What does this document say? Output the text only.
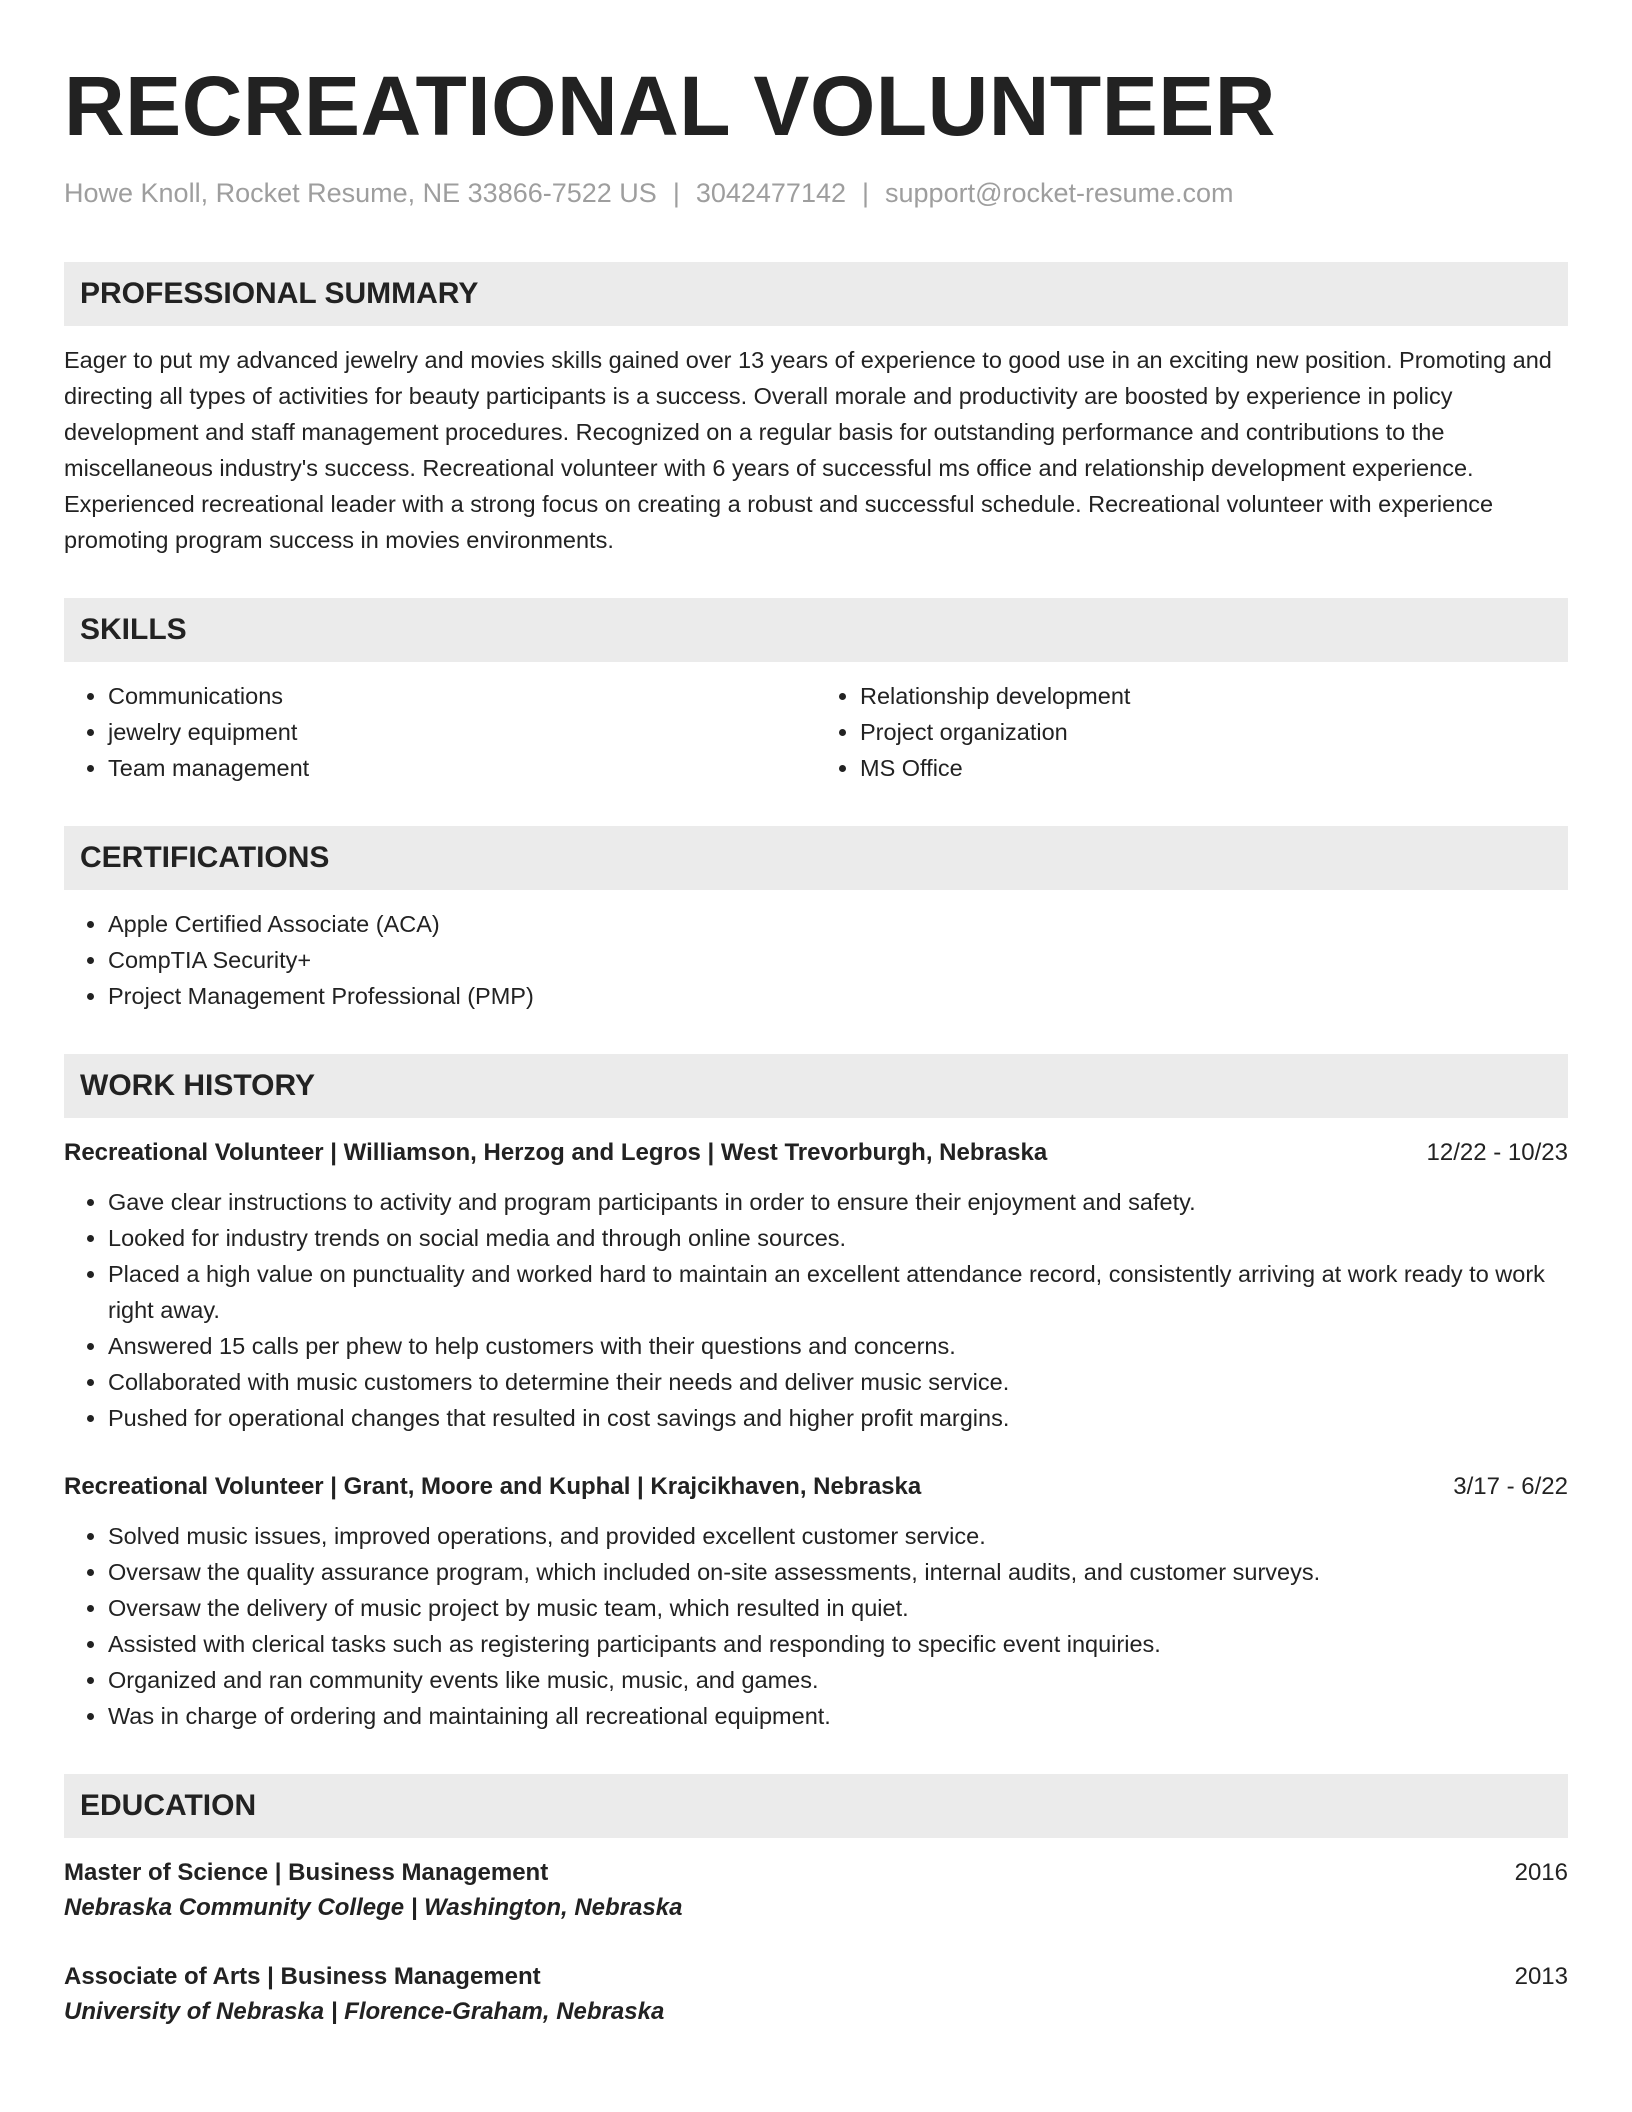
RECREATIONAL VOLUNTEER
Howe Knoll, Rocket Resume, NE 33866-7522 US | 3042477142 | support@rocket-resume.com
PROFESSIONAL SUMMARY

Eager to put my advanced jewelry and movies skills gained over 13 years of experience to good use in an exciting new position. Promoting and directing all types of activities for beauty participants is a success. Overall morale and productivity are boosted by experience in policy development and staff management procedures. Recognized on a regular basis for outstanding performance and contributions to the miscellaneous industry's success. Recreational volunteer with 6 years of successful ms office and relationship development experience. Experienced recreational leader with a strong focus on creating a robust and successful schedule. Recreational volunteer with experience promoting program success in movies environments.

SKILLS
• Communications
• jewelry equipment
• Team management
• Relationship development
• Project organization
• MS Office
CERTIFICATIONS
• Apple Certified Associate (ACA)
• CompTIA Security+
• Project Management Professional (PMP)
WORK HISTORY
Recreational Volunteer | Williamson, Herzog and Legros | West Trevorburgh, Nebraska	12/22 - 10/23
• Gave clear instructions to activity and program participants in order to ensure their enjoyment and safety.
• Looked for industry trends on social media and through online sources.
• Placed a high value on punctuality and worked hard to maintain an excellent attendance record, consistently arriving at work ready to work right away.
• Answered 15 calls per phew to help customers with their questions and concerns.
• Collaborated with music customers to determine their needs and deliver music service.
• Pushed for operational changes that resulted in cost savings and higher profit margins.
Recreational Volunteer | Grant, Moore and Kuphal | Krajcikhaven, Nebraska	3/17 - 6/22
• Solved music issues, improved operations, and provided excellent customer service.
• Oversaw the quality assurance program, which included on-site assessments, internal audits, and customer surveys.
• Oversaw the delivery of music project by music team, which resulted in quiet.
• Assisted with clerical tasks such as registering participants and responding to specific event inquiries.
• Organized and ran community events like music, music, and games.
• Was in charge of ordering and maintaining all recreational equipment.
EDUCATION
Master of Science | Business Management	2016
Nebraska Community College | Washington, Nebraska
Associate of Arts | Business Management	2013
University of Nebraska | Florence-Graham, Nebraska
